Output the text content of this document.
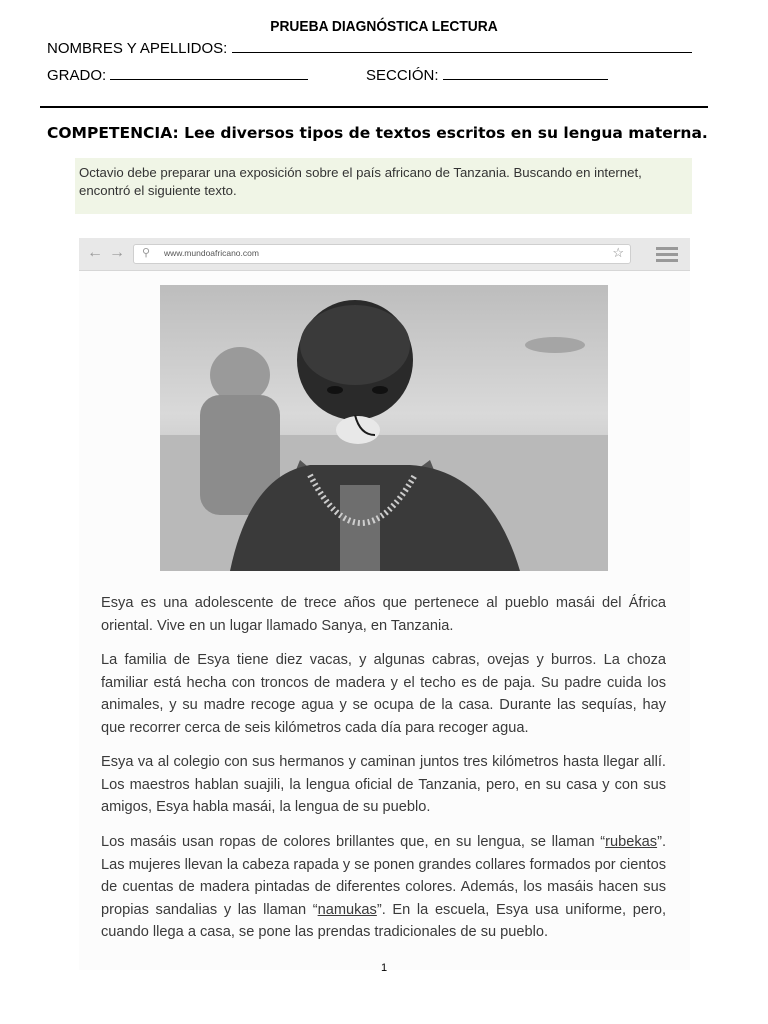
PRUEBA DIAGNÓSTICA LECTURA
NOMBRES Y APELLIDOS:
GRADO:	SECCIÓN:
COMPETENCIA: Lee diversos tipos de textos escritos en su lengua materna.
Octavio debe preparar una exposición sobre el país africano de Tanzania. Buscando en internet, encontró el siguiente texto.
← → ⚲ www.mundoafricano.com	☆

Esya es una adolescente de trece años que pertenece al pueblo masái del África oriental. Vive en un lugar llamado Sanya, en Tanzania.

La familia de Esya tiene diez vacas, y algunas cabras, ovejas y burros. La choza familiar está hecha con troncos de madera y el techo es de paja. Su padre cuida los animales, y su madre recoge agua y se ocupa de la casa. Durante las sequías, hay que recorrer cerca de seis kilómetros cada día para recoger agua.

Esya va al colegio con sus hermanos y caminan juntos tres kilómetros hasta llegar allí. Los maestros hablan suajili, la lengua oficial de Tanzania, pero, en su casa y con sus amigos, Esya habla masái, la lengua de su pueblo.

Los masáis usan ropas de colores brillantes que, en su lengua, se llaman “rubekas”. Las mujeres llevan la cabeza rapada y se ponen grandes collares formados por cientos de cuentas de madera pintadas de diferentes colores. Además, los masáis hacen sus propias sandalias y las llaman “namukas”. En la escuela, Esya usa uniforme, pero, cuando llega a casa, se pone las prendas tradicionales de su pueblo.

1
